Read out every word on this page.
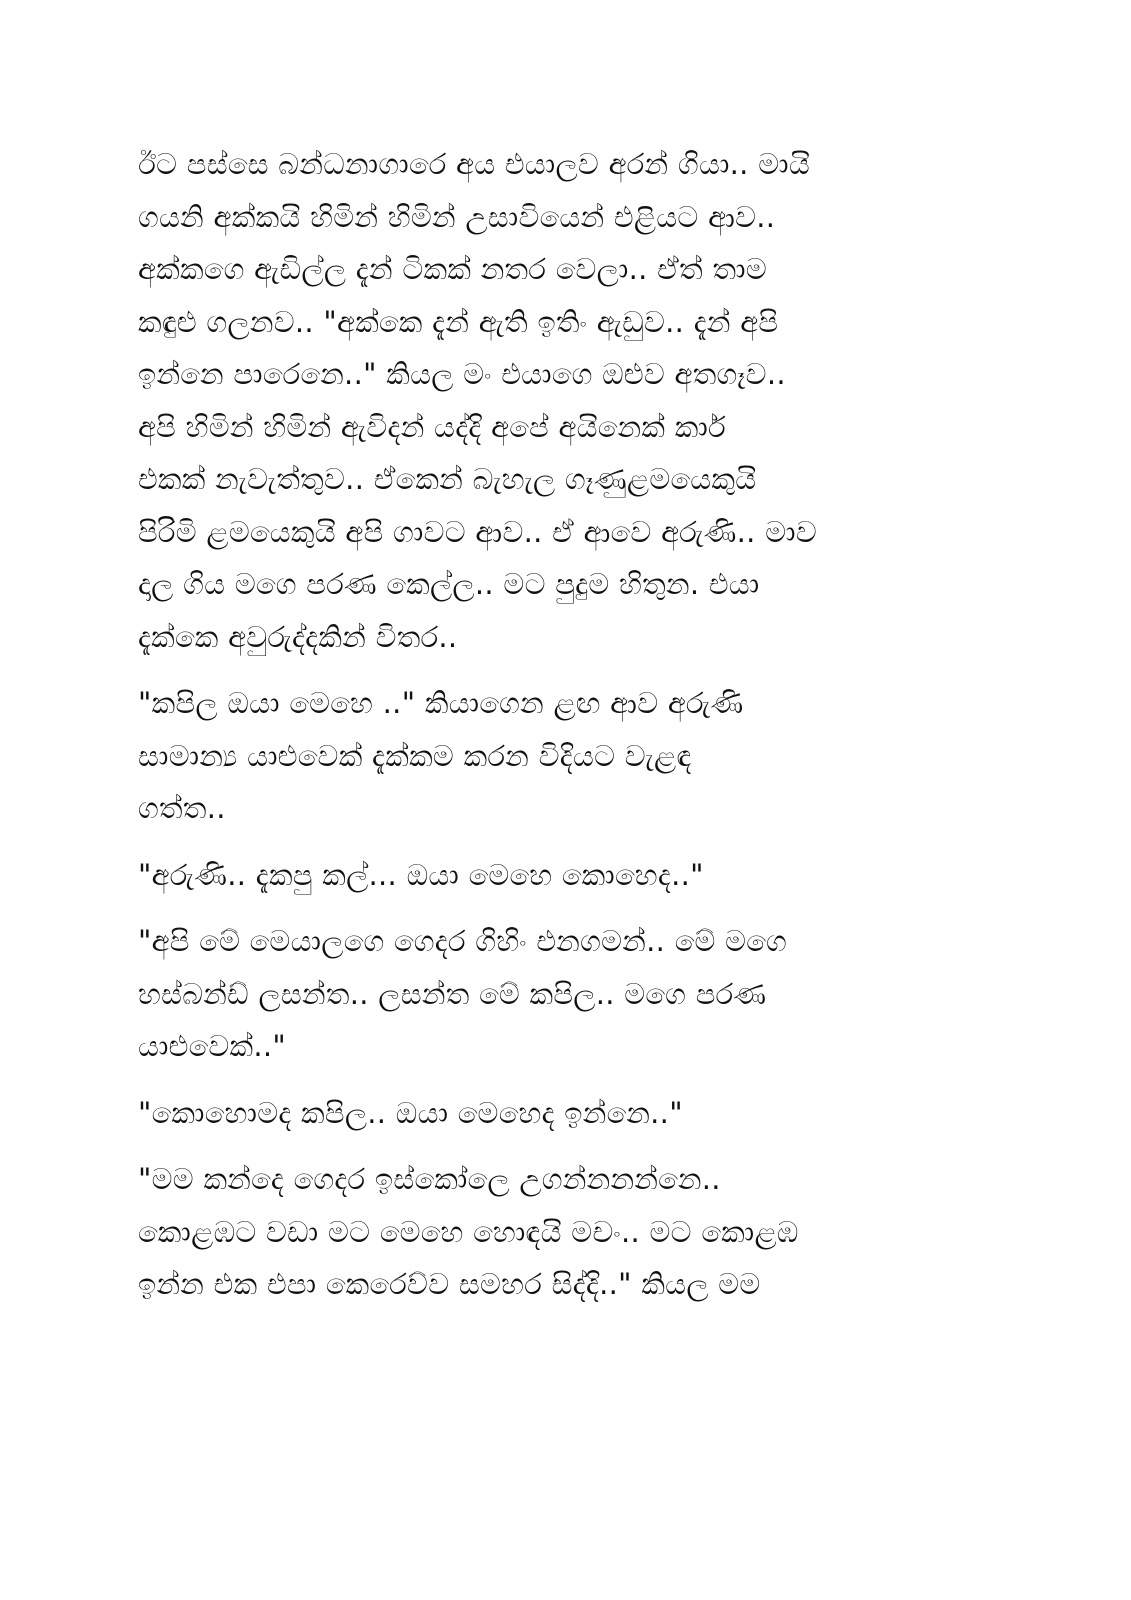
ඊට පස්සෙ බන්ධනාගාරෙ අය එයාලව අරන් ගියා.. මායි
ගයනි අක්කයි හිමින් හිමින් උසාවියෙන් එළියට ආව..
අක්කගෙ ඇඩිල්ල දැන් ටිකක් නතර වෙලා.. ඒත් තාම
කඳුළු ගලනව.. "අක්කෙ දැන් ඇති ඉතිං ඇඩුව.. දැන් අපි
ඉන්නෙ පාරෙනෙ.." කියල මං එයාගෙ ඔළුව අතගෑව..
අපි හිමින් හිමින් ඇවිදන් යද්දි අපේ අයිනෙක් කාර්
එකක් නැවැත්තුව.. ඒකෙන් බැහැල ගෑණුළමයෙකුයි
පිරිමි ළමයෙකුයි අපි ගාවට ආව.. ඒ ආවෙ අරුණි.. මාව
දාල ගිය මගෙ පරණ කෙල්ල.. මට පුදුම හිතුන. එයා
දැක්කෙ අවුරුද්දකින් විතර..

"කපිල ඔයා මෙහෙ .." කියාගෙන ළඟ ආව අරුණි
සාමාන්‍ය යාළුවෙක් දැක්කම කරන විදියට වැළඳ
ගත්ත..

"අරුණි.. දැකපු කල්... ඔයා මෙහෙ කොහෙද.."

"අපි මේ මෙයාලගෙ ගෙදර ගිහිං එනගමන්.. මේ මගෙ
හස්බන්ඩ් ලසන්ත.. ලසන්ත මේ කපිල.. මගෙ පරණ
යාළුවෙක්.."

"කොහොමද කපිල.. ඔයා මෙහෙද ඉන්නෙ.."

"මම කන්දෙ ගෙදර ඉස්කෝලෙ උගන්නනන්නෙ..
කොළඹට වඩා මට මෙහෙ හොඳයි මචං.. මට කොළඹ
ඉන්න එක එපා කෙරෙව්ව සමහර සිද්දි.." කියල මම
